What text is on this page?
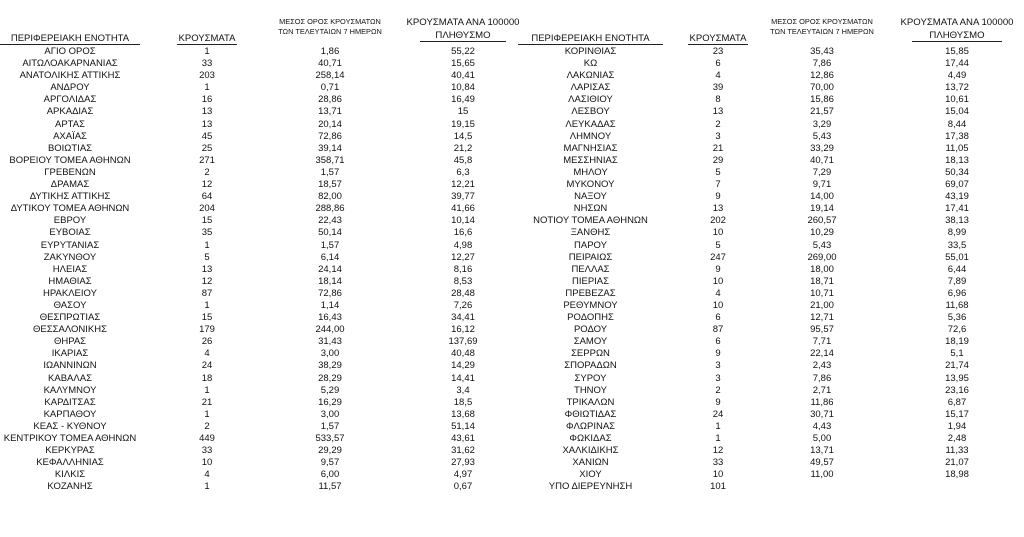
ΠΕΡΙΦΕΡΕΙΑΚΗ ΕΝΟΤΗΤΑ	ΚΡΟΥΣΜΑΤΑ
ΜΕΣΟΣ ΟΡΟΣ ΚΡΟΥΣΜΑΤΩΝ
ΤΩΝ ΤΕΛΕΥΤΑΙΩΝ 7 ΗΜΕΡΩΝ
ΚΡΟΥΣΜΑΤΑ ΑΝΑ 100000
ΠΛΗΘΥΣΜΟ
ΑΓΙΟ ΟΡΟΣ	1	1,86	55,22
ΑΙΤΩΛΟΑΚΑΡΝΑΝΙΑΣ	33	40,71	15,65
ΑΝΑΤΟΛΙΚΗΣ ΑΤΤΙΚΗΣ	203	258,14	40,41
ΑΝΔΡΟΥ	1	0,71	10,84
ΑΡΓΟΛΙΔΑΣ	16	28,86	16,49
ΑΡΚΑΔΙΑΣ	13	13,71	15
ΑΡΤΑΣ	13	20,14	19,15
ΑΧΑΪΑΣ	45	72,86	14,5
ΒΟΙΩΤΙΑΣ	25	39,14	21,2
ΒΟΡΕΙΟΥ ΤΟΜΕΑ ΑΘΗΝΩΝ	271	358,71	45,8
ΓΡΕΒΕΝΩΝ	2	1,57	6,3
ΔΡΑΜΑΣ	12	18,57	12,21
ΔΥΤΙΚΗΣ ΑΤΤΙΚΗΣ	64	82,00	39,77
ΔΥΤΙΚΟΥ ΤΟΜΕΑ ΑΘΗΝΩΝ	204	288,86	41,66
ΕΒΡΟΥ	15	22,43	10,14
ΕΥΒΟΙΑΣ	35	50,14	16,6
ΕΥΡΥΤΑΝΙΑΣ	1	1,57	4,98
ΖΑΚΥΝΘΟΥ	5	6,14	12,27
ΗΛΕΙΑΣ	13	24,14	8,16
ΗΜΑΘΙΑΣ	12	18,14	8,53
ΗΡΑΚΛΕΙΟΥ	87	72,86	28,48
ΘΑΣΟΥ	1	1,14	7,26
ΘΕΣΠΡΩΤΙΑΣ	15	16,43	34,41
ΘΕΣΣΑΛΟΝΙΚΗΣ	179	244,00	16,12
ΘΗΡΑΣ	26	31,43	137,69
ΙΚΑΡΙΑΣ	4	3,00	40,48
ΙΩΑΝΝΙΝΩΝ	24	38,29	14,29
ΚΑΒΑΛΑΣ	18	28,29	14,41
ΚΑΛΥΜΝΟΥ	1	5,29	3,4
ΚΑΡΔΙΤΣΑΣ	21	16,29	18,5
ΚΑΡΠΑΘΟΥ	1	3,00	13,68
ΚΕΑΣ - ΚΥΘΝΟΥ	2	1,57	51,14
ΚΕΝΤΡΙΚΟΥ ΤΟΜΕΑ ΑΘΗΝΩΝ	449	533,57	43,61
ΚΕΡΚΥΡΑΣ	33	29,29	31,62
ΚΕΦΑΛΛΗΝΙΑΣ	10	9,57	27,93
ΚΙΛΚΙΣ	4	6,00	4,97
ΚΟΖΑΝΗΣ	1	11,57	0,67
ΠΕΡΙΦΕΡΕΙΑΚΗ ΕΝΟΤΗΤΑ	ΚΡΟΥΣΜΑΤΑ
ΜΕΣΟΣ ΟΡΟΣ ΚΡΟΥΣΜΑΤΩΝ
ΤΩΝ ΤΕΛΕΥΤΑΙΩΝ 7 ΗΜΕΡΩΝ
ΚΡΟΥΣΜΑΤΑ ΑΝΑ 100000
ΠΛΗΘΥΣΜΟ
ΚΟΡΙΝΘΙΑΣ	23	35,43	15,85
ΚΩ	6	7,86	17,44
ΛΑΚΩΝΙΑΣ	4	12,86	4,49
ΛΑΡΙΣΑΣ	39	70,00	13,72
ΛΑΣΙΘΙΟΥ	8	15,86	10,61
ΛΕΣΒΟΥ	13	21,57	15,04
ΛΕΥΚΑΔΑΣ	2	3,29	8,44
ΛΗΜΝΟΥ	3	5,43	17,38
ΜΑΓΝΗΣΙΑΣ	21	33,29	11,05
ΜΕΣΣΗΝΙΑΣ	29	40,71	18,13
ΜΗΛΟΥ	5	7,29	50,34
ΜΥΚΟΝΟΥ	7	9,71	69,07
ΝΑΞΟΥ	9	14,00	43,19
ΝΗΣΩΝ	13	19,14	17,41
ΝΟΤΙΟΥ ΤΟΜΕΑ ΑΘΗΝΩΝ	202	260,57	38,13
ΞΑΝΘΗΣ	10	10,29	8,99
ΠΑΡΟΥ	5	5,43	33,5
ΠΕΙΡΑΙΩΣ	247	269,00	55,01
ΠΕΛΛΑΣ	9	18,00	6,44
ΠΙΕΡΙΑΣ	10	18,71	7,89
ΠΡΕΒΕΖΑΣ	4	10,71	6,96
ΡΕΘΥΜΝΟΥ	10	21,00	11,68
ΡΟΔΟΠΗΣ	6	12,71	5,36
ΡΟΔΟΥ	87	95,57	72,6
ΣΑΜΟΥ	6	7,71	18,19
ΣΕΡΡΩΝ	9	22,14	5,1
ΣΠΟΡΑΔΩΝ	3	2,43	21,74
ΣΥΡΟΥ	3	7,86	13,95
ΤΗΝΟΥ	2	2,71	23,16
ΤΡΙΚΑΛΩΝ	9	11,86	6,87
ΦΘΙΩΤΙΔΑΣ	24	30,71	15,17
ΦΛΩΡΙΝΑΣ	1	4,43	1,94
ΦΩΚΙΔΑΣ	1	5,00	2,48
ΧΑΛΚΙΔΙΚΗΣ	12	13,71	11,33
ΧΑΝΙΩΝ	33	49,57	21,07
ΧΙΟΥ	10	11,00	18,98
ΥΠΟ ΔΙΕΡΕΥΝΗΣΗ	101
